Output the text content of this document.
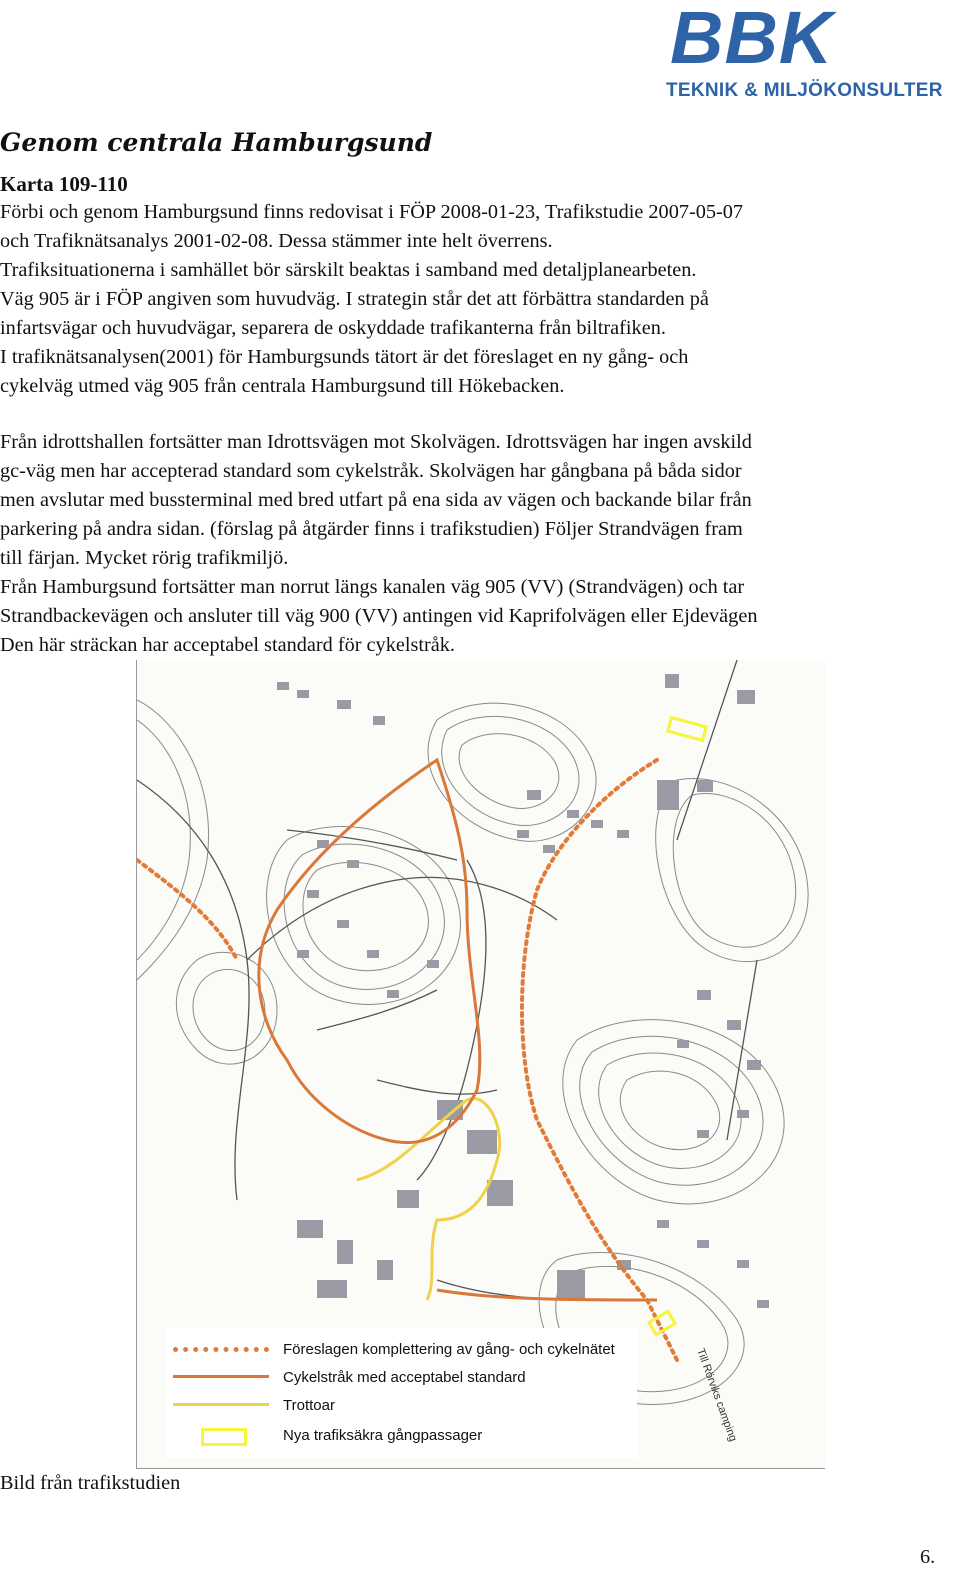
BBK
TEKNIK & MILJÖKONSULTER
Genom centrala Hamburgsund
Karta 109-110
Förbi och genom Hamburgsund finns redovisat i FÖP 2008-01-23, Trafikstudie 2007-05-07
och Trafiknätsanalys 2001-02-08. Dessa stämmer inte helt överrens.
Trafiksituationerna i samhället bör särskilt beaktas i samband med detaljplanearbeten.
Väg 905 är i FÖP angiven som huvudväg. I strategin står det att förbättra standarden på
infartsvägar och huvudvägar, separera de oskyddade trafikanterna från biltrafiken.
I trafiknätsanalysen(2001) för Hamburgsunds tätort är det föreslaget en ny gång- och
cykelväg utmed väg 905 från centrala Hamburgsund till Hökebacken.
Från idrottshallen fortsätter man Idrottsvägen mot Skolvägen. Idrottsvägen har ingen avskild
gc-väg men har accepterad standard som cykelstråk. Skolvägen har gångbana på båda sidor
men avslutar med bussterminal med bred utfart på ena sida av vägen och backande bilar från
parkering på andra sidan. (förslag på åtgärder finns i trafikstudien) Följer Strandvägen fram
till färjan. Mycket rörig trafikmiljö.
Från Hamburgsund fortsätter man norrut längs kanalen väg 905 (VV) (Strandvägen) och tar
Strandbackevägen och ansluter till väg 900 (VV) antingen vid Kaprifolvägen eller Ejdevägen
Den här sträckan har acceptabel standard för cykelstråk.
Till Rörviks camping
Föreslagen komplettering av gång- och cykelnätet
Cykelstråk med acceptabel standard
Trottoar
Nya trafiksäkra gångpassager
Bild från trafikstudien
6.
